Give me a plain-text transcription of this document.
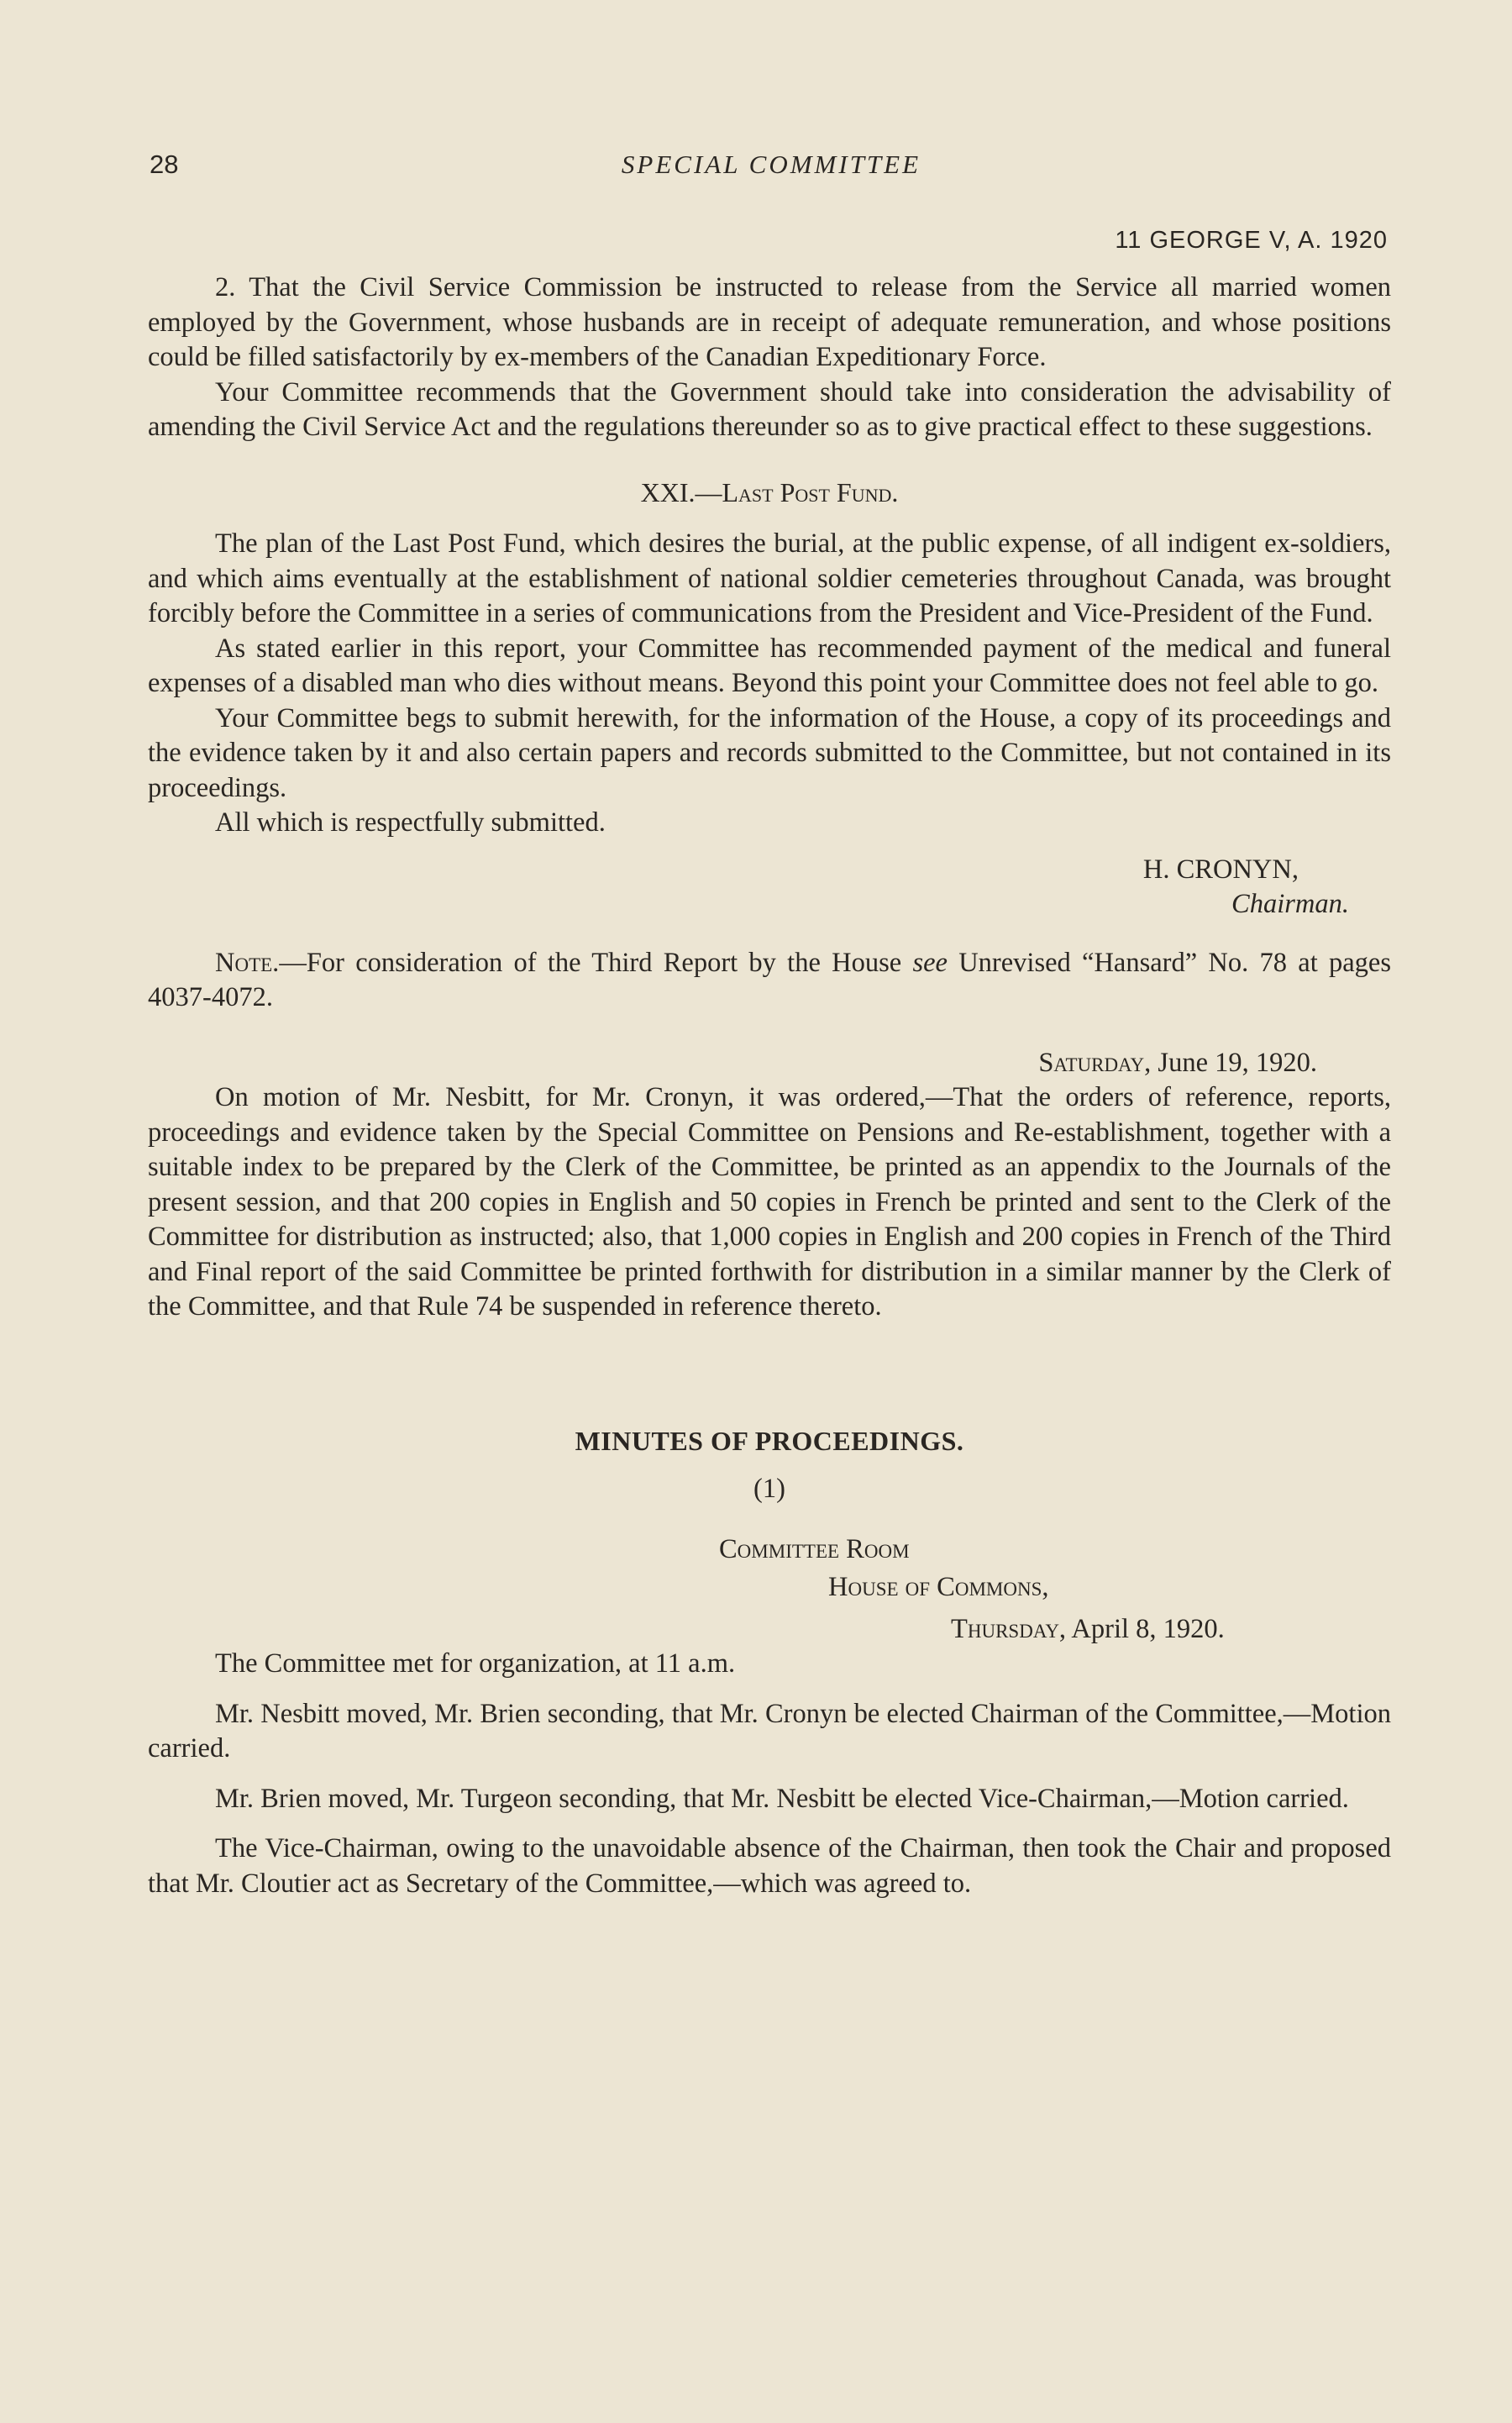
28	SPECIAL COMMITTEE
11 GEORGE V, A. 1920

2. That the Civil Service Commission be instructed to release from the Service all married women employed by the Government, whose husbands are in receipt of adequate remuneration, and whose positions could be filled satisfactorily by ex-members of the Canadian Expeditionary Force.

Your Committee recommends that the Government should take into consideration the advisability of amending the Civil Service Act and the regulations thereunder so as to give practical effect to these suggestions.

XXI.—Last Post Fund.

The plan of the Last Post Fund, which desires the burial, at the public expense, of all indigent ex-soldiers, and which aims eventually at the establishment of national soldier cemeteries throughout Canada, was brought forcibly before the Committee in a series of communications from the President and Vice-President of the Fund.

As stated earlier in this report, your Committee has recommended payment of the medical and funeral expenses of a disabled man who dies without means. Beyond this point your Committee does not feel able to go.

Your Committee begs to submit herewith, for the information of the House, a copy of its proceedings and the evidence taken by it and also certain papers and records submitted to the Committee, but not contained in its proceedings.

All which is respectfully submitted.

H. CRONYN,
Chairman.

Note.—For consideration of the Third Report by the House see Unrevised “Hansard” No. 78 at pages 4037-4072.

Saturday, June 19, 1920.

On motion of Mr. Nesbitt, for Mr. Cronyn, it was ordered,—That the orders of reference, reports, proceedings and evidence taken by the Special Committee on Pensions and Re-establishment, together with a suitable index to be prepared by the Clerk of the Committee, be printed as an appendix to the Journals of the present session, and that 200 copies in English and 50 copies in French be printed and sent to the Clerk of the Committee for distribution as instructed; also, that 1,000 copies in English and 200 copies in French of the Third and Final report of the said Committee be printed forthwith for distribution in a similar manner by the Clerk of the Committee, and that Rule 74 be suspended in reference thereto.

MINUTES OF PROCEEDINGS.
(1)
Committee Room
House of Commons,
Thursday, April 8, 1920.

The Committee met for organization, at 11 a.m.

Mr. Nesbitt moved, Mr. Brien seconding, that Mr. Cronyn be elected Chairman of the Committee,—Motion carried.

Mr. Brien moved, Mr. Turgeon seconding, that Mr. Nesbitt be elected Vice-Chairman,—Motion carried.

The Vice-Chairman, owing to the unavoidable absence of the Chairman, then took the Chair and proposed that Mr. Cloutier act as Secretary of the Committee,—which was agreed to.
